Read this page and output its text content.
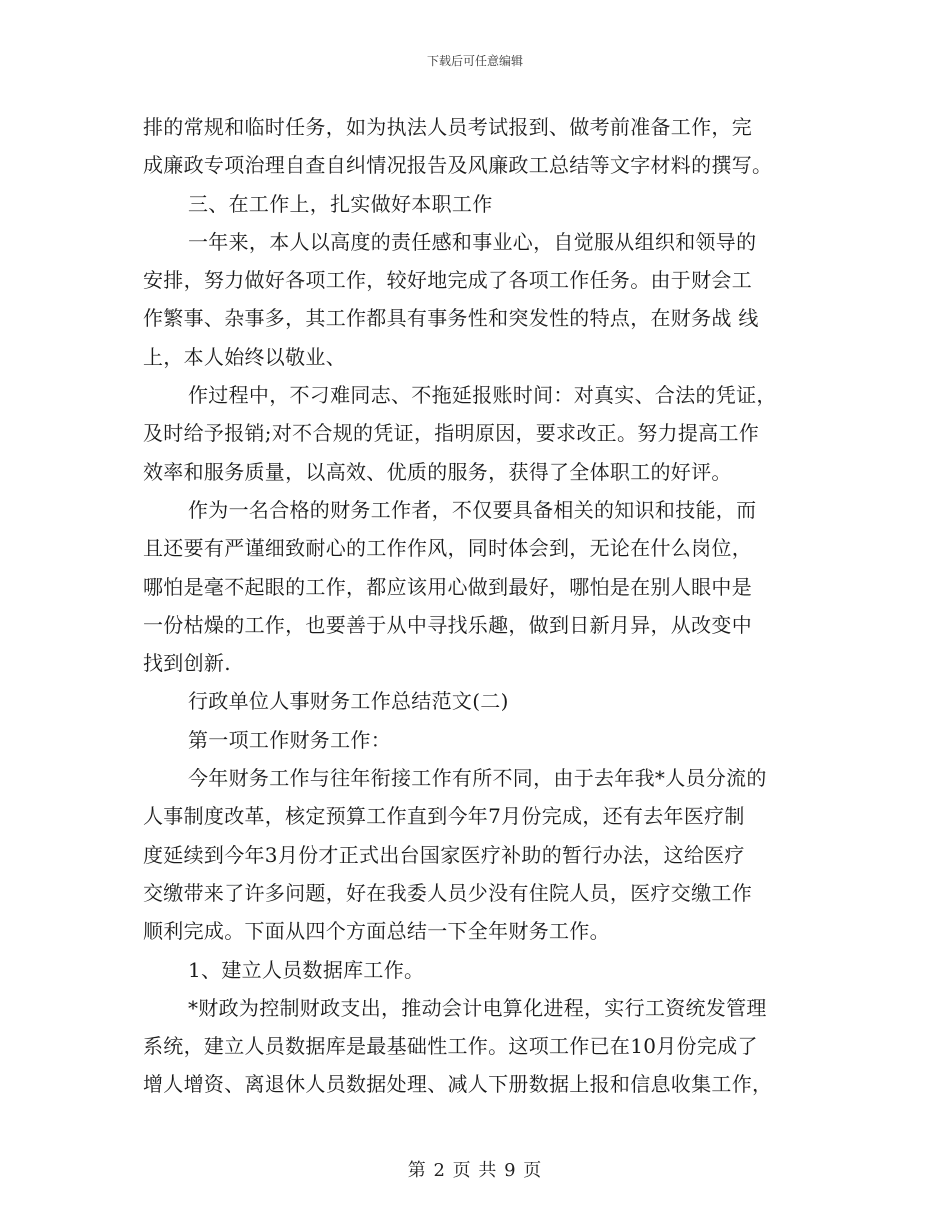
下载后可任意编辑
排的常规和临时任务，如为执法人员考试报到、做考前准备工作，完
成廉政专项治理自查自纠情况报告及风廉政工总结等文字材料的撰写。
三、在工作上，扎实做好本职工作
一年来，本人以高度的责任感和事业心，自觉服从组织和领导的
安排，努力做好各项工作，较好地完成了各项工作任务。由于财会工
作繁事、杂事多，其工作都具有事务性和突发性的特点，在财务战 线
上，本人始终以敬业、
作过程中，不刁难同志、不拖延报账时间：对真实、合法的凭证，
及时给予报销;对不合规的凭证，指明原因，要求改正。努力提高工作
效率和服务质量，以高效、优质的服务，获得了全体职工的好评。
作为一名合格的财务工作者，不仅要具备相关的知识和技能，而
且还要有严谨细致耐心的工作作风，同时体会到，无论在什么岗位，
哪怕是毫不起眼的工作，都应该用心做到最好，哪怕是在别人眼中是
一份枯燥的工作，也要善于从中寻找乐趣，做到日新月异，从改变中
找到创新.
行政单位人事财务工作总结范文(二)
第一项工作财务工作：
今年财务工作与往年衔接工作有所不同，由于去年我*人员分流的
人事制度改革，核定预算工作直到今年7月份完成，还有去年医疗制
度延续到今年3月份才正式出台国家医疗补助的暂行办法，这给医疗
交缴带来了许多问题，好在我委人员少没有住院人员，医疗交缴工作
顺利完成。下面从四个方面总结一下全年财务工作。
1、建立人员数据库工作。
*财政为控制财政支出，推动会计电算化进程，实行工资统发管理
系统，建立人员数据库是最基础性工作。这项工作已在10月份完成了
增人增资、离退休人员数据处理、减人下册数据上报和信息收集工作，
第 2 页 共 9 页
